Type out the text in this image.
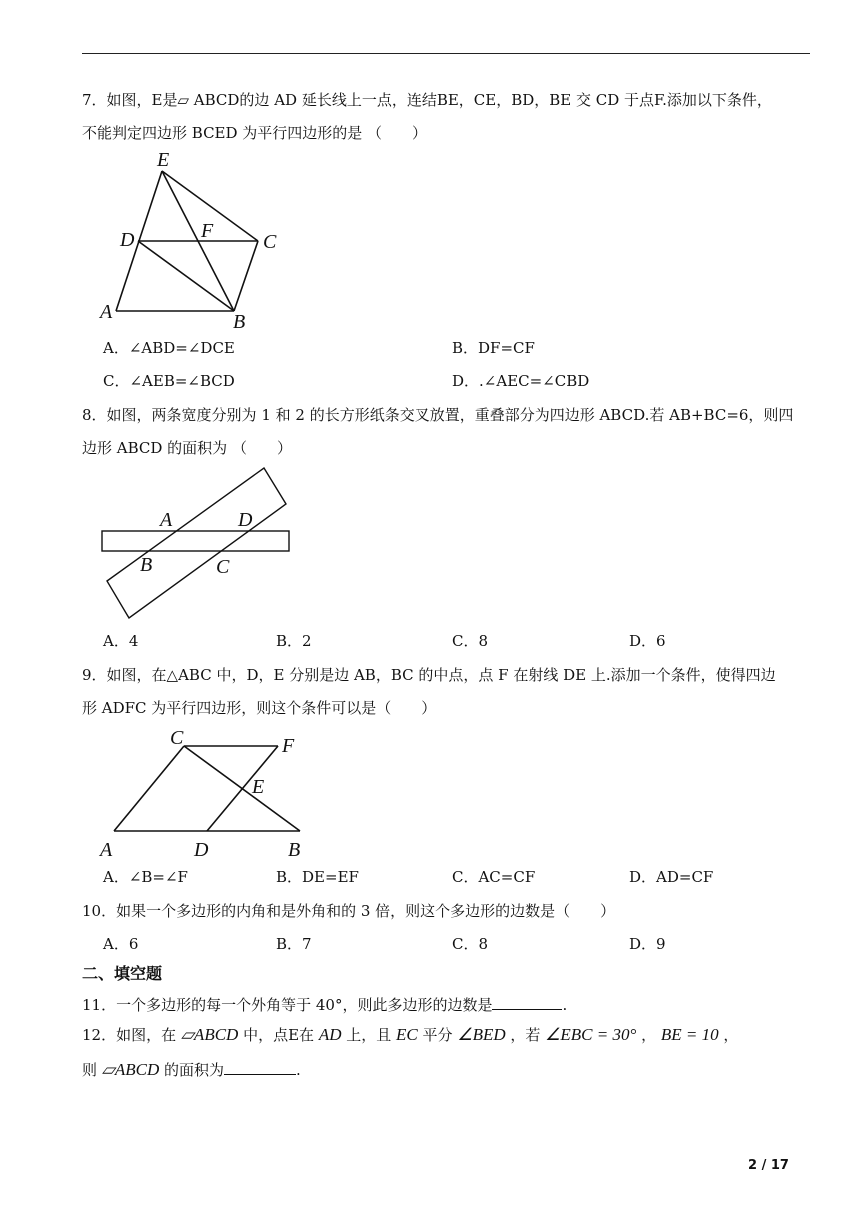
7．如图，E是▱ ABCD的边 AD 延长线上一点，连结BE，CE，BD，BE 交 CD 于点F.添加以下条件，
不能判定四边形 BCED 为平行四边形的是 （　　）
E
D	F C
A	B
A．∠ABD=∠DCE	B．DF=CF
C．∠AEB=∠BCD	D．.∠AEC=∠CBD
8．如图，两条宽度分别为 1 和 2 的长方形纸条交叉放置，重叠部分为四边形 ABCD.若 AB+BC=6，则四
边形 ABCD 的面积为 （　　）
A	D
B	C
A．4	B．2	C．8	D．6
9．如图，在△ABC 中，D，E 分别是边 AB，BC 的中点，点 F 在射线 DE 上.添加一个条件，使得四边
形 ADFC 为平行四边形，则这个条件可以是（　　）
C	F
E
A	D	B
A．∠B=∠F	B．DE=EF	C．AC=CF	D．AD=CF
10．如果一个多边形的内角和是外角和的 3 倍，则这个多边形的边数是（　　）
A．6	B．7	C．8	D．9
二、填空题
11．一个多边形的每一个外角等于 40°，则此多边形的边数是	.
12．如图，在 ▱ABCD 中，点E在 AD 上，且 EC 平分 ∠BED ，若 ∠EBC = 30° ， BE = 10 ，
则 ▱ABCD 的面积为	.
2 / 17
